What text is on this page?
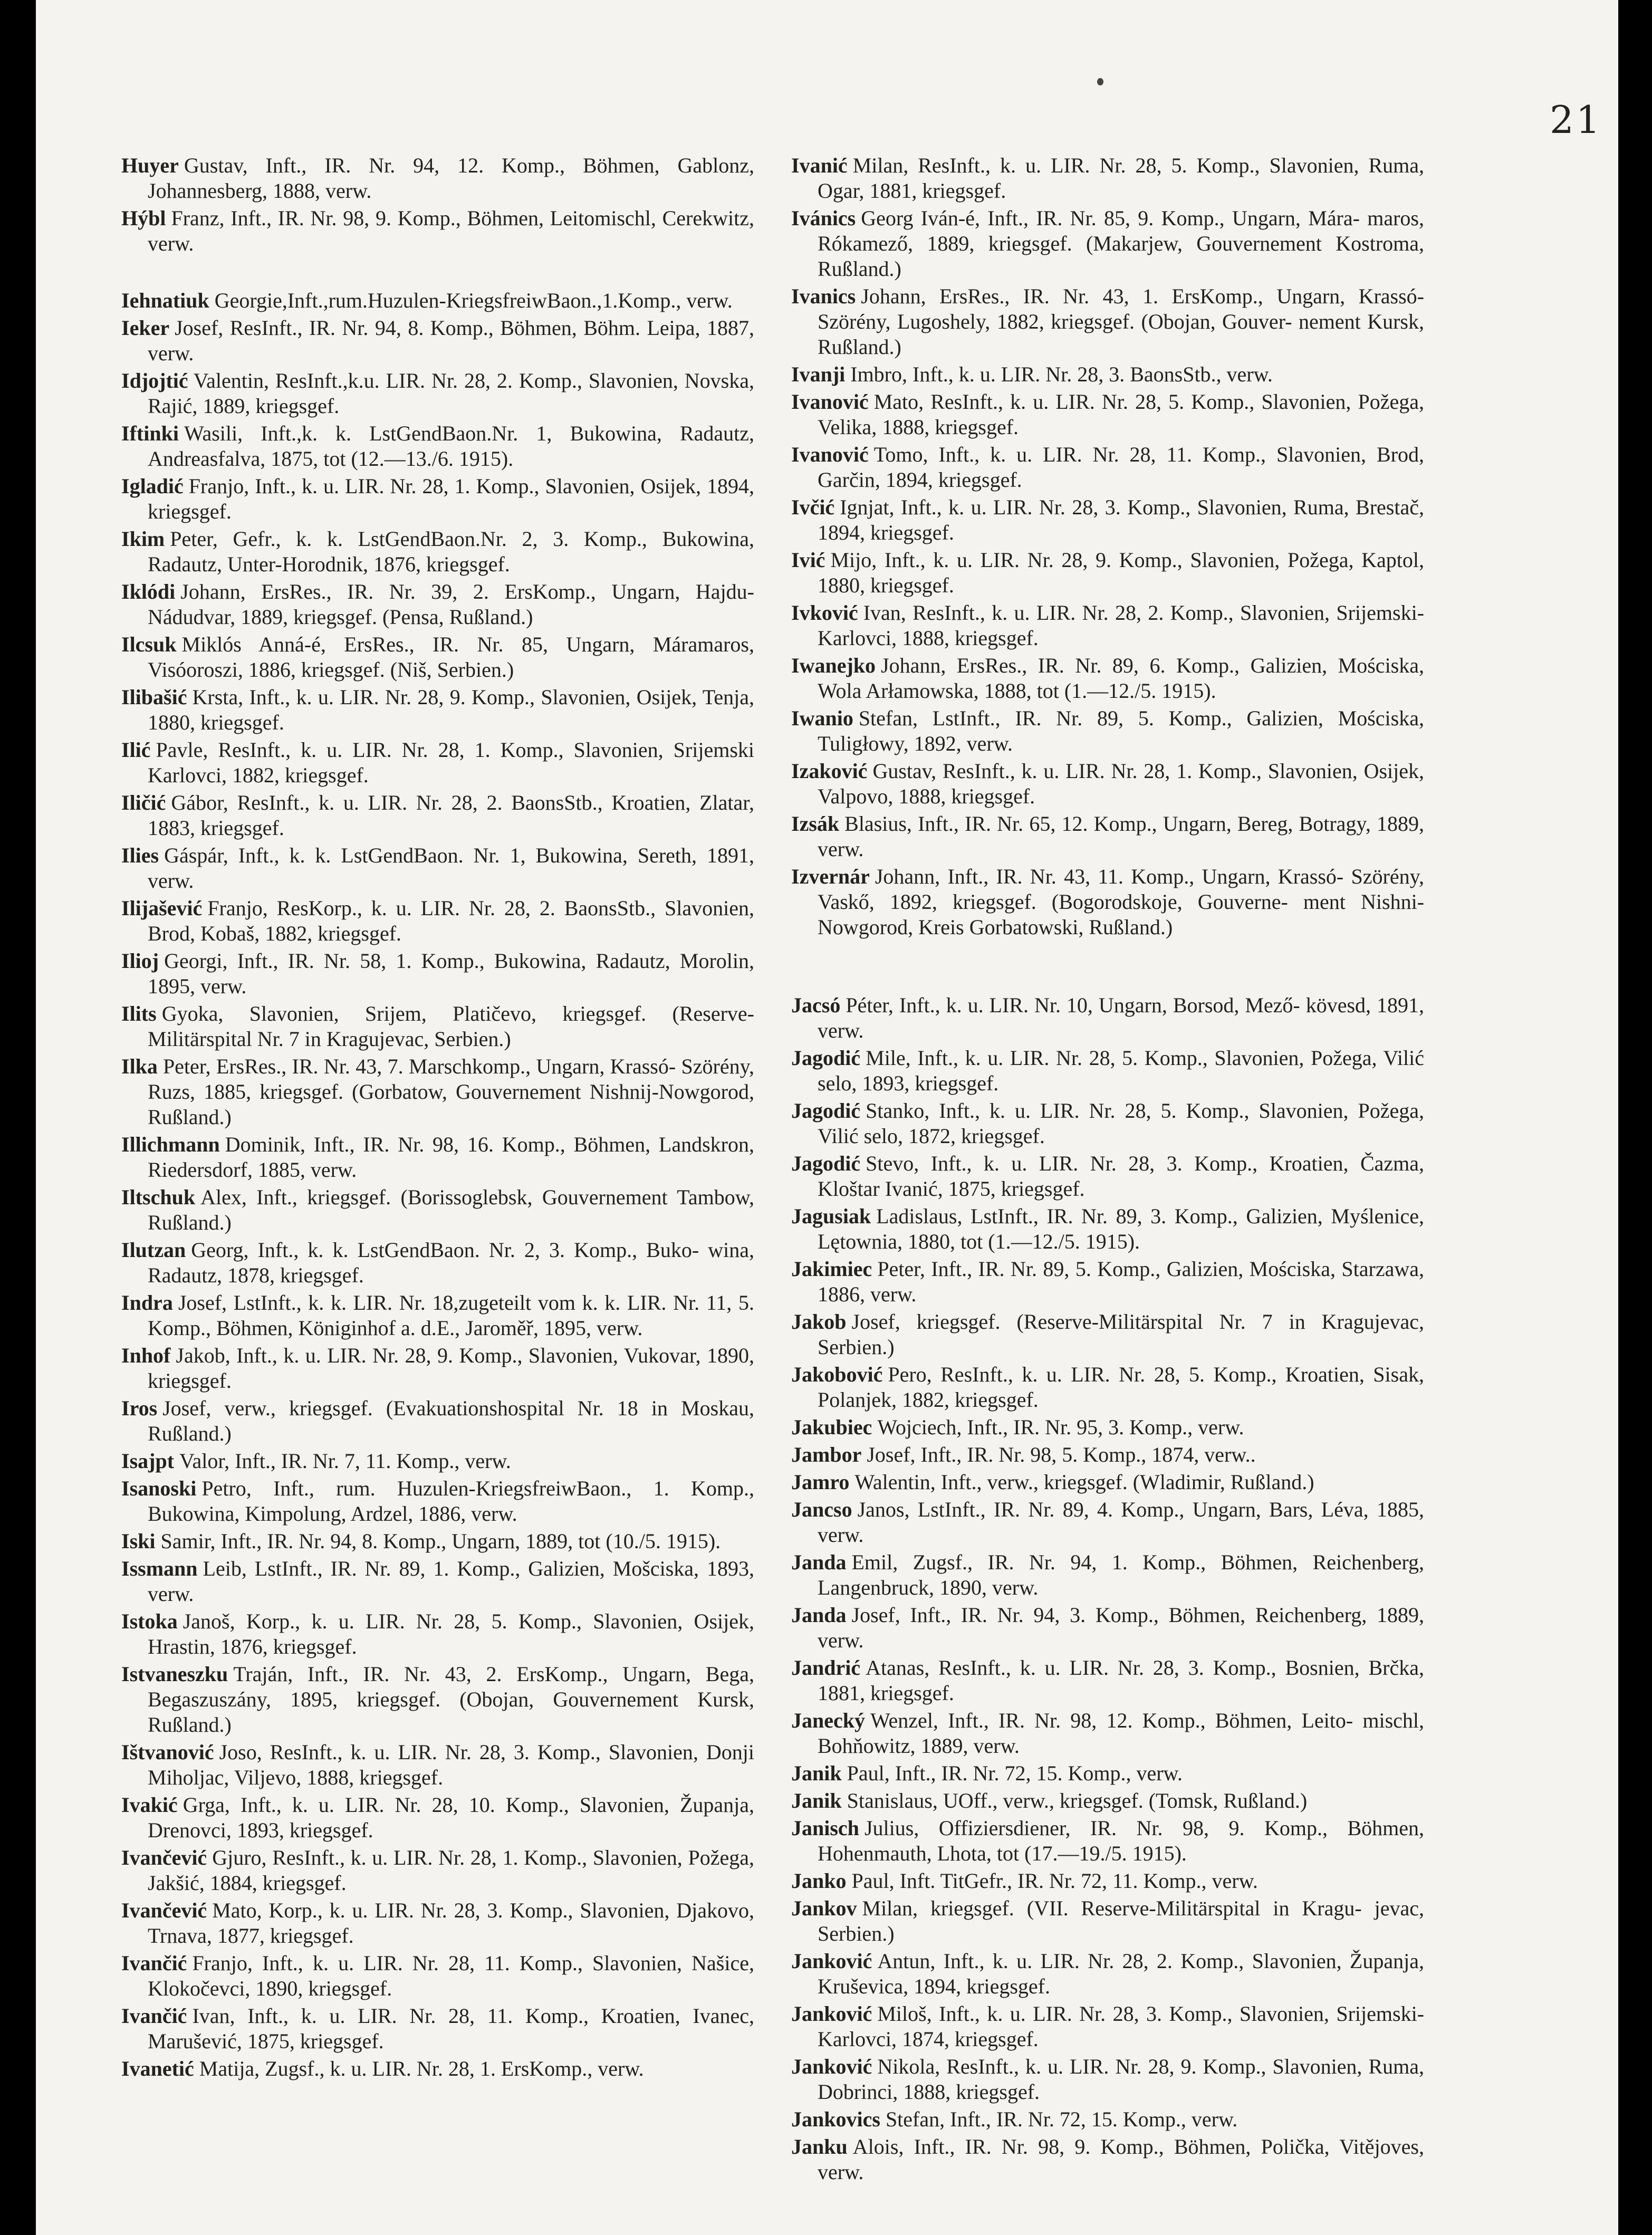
21

Huyer Gustav, Inft., IR. Nr. 94, 12. Komp., Böhmen, Gablonz, Johannesberg, 1888, verw.

Hýbl Franz, Inft., IR. Nr. 98, 9. Komp., Böhmen, Leitomischl, Cerekwitz, verw.

Iehnatiuk Georgie,Inft.,rum.Huzulen-KriegsfreiwBaon.,1.Komp., verw.

Ieker Josef, ResInft., IR. Nr. 94, 8. Komp., Böhmen, Böhm. Leipa, 1887, verw.

Idjojtić Valentin, ResInft.,k.u. LIR. Nr. 28, 2. Komp., Slavonien, Novska, Rajić, 1889, kriegsgef.

Iftinki Wasili, Inft.,k. k. LstGendBaon.Nr. 1, Bukowina, Radautz, Andreasfalva, 1875, tot (12.—13./6. 1915).

Igladić Franjo, Inft., k. u. LIR. Nr. 28, 1. Komp., Slavonien, Osijek, 1894, kriegsgef.

Ikim Peter, Gefr., k. k. LstGendBaon.Nr. 2, 3. Komp., Bukowina, Radautz, Unter-Horodnik, 1876, kriegsgef.

Iklódi Johann, ErsRes., IR. Nr. 39, 2. ErsKomp., Ungarn, Hajdu- Nádudvar, 1889, kriegsgef. (Pensa, Rußland.)

Ilcsuk Miklós Anná-é, ErsRes., IR. Nr. 85, Ungarn, Máramaros, Visóoroszi, 1886, kriegsgef. (Niš, Serbien.)

Ilibašić Krsta, Inft., k. u. LIR. Nr. 28, 9. Komp., Slavonien, Osijek, Tenja, 1880, kriegsgef.

Ilić Pavle, ResInft., k. u. LIR. Nr. 28, 1. Komp., Slavonien, Srijemski Karlovci, 1882, kriegsgef.

Iličić Gábor, ResInft., k. u. LIR. Nr. 28, 2. BaonsStb., Kroatien, Zlatar, 1883, kriegsgef.

Ilies Gáspár, Inft., k. k. LstGendBaon. Nr. 1, Bukowina, Sereth, 1891, verw.

Ilijašević Franjo, ResKorp., k. u. LIR. Nr. 28, 2. BaonsStb., Slavonien, Brod, Kobaš, 1882, kriegsgef.

Iliој Georgi, Inft., IR. Nr. 58, 1. Komp., Bukowina, Radautz, Morolin, 1895, verw.

Ilits Gyoka, Slavonien, Srijem, Platičevo, kriegsgef. (Reserve- Militärspital Nr. 7 in Kragujevac, Serbien.)

Ilka Peter, ErsRes., IR. Nr. 43, 7. Marschkomp., Ungarn, Krassó- Szörény, Ruzs, 1885, kriegsgef. (Gorbatow, Gouvernement Nishnij-Nowgorod, Rußland.)

Illichmann Dominik, Inft., IR. Nr. 98, 16. Komp., Böhmen, Landskron, Riedersdorf, 1885, verw.

Iltschuk Alex, Inft., kriegsgef. (Borissoglebsk, Gouvernement Tambow, Rußland.)

Ilutzan Georg, Inft., k. k. LstGendBaon. Nr. 2, 3. Komp., Buko- wina, Radautz, 1878, kriegsgef.

Indra Josef, LstInft., k. k. LIR. Nr. 18,zugeteilt vom k. k. LIR. Nr. 11, 5. Komp., Böhmen, Königinhof a. d.E., Jaroměř, 1895, verw.

Inhof Jakob, Inft., k. u. LIR. Nr. 28, 9. Komp., Slavonien, Vukovar, 1890, kriegsgef.

Iros Josef, verw., kriegsgef. (Evakuationshospital Nr. 18 in Moskau, Rußland.)

Isajpt Valor, Inft., IR. Nr. 7, 11. Komp., verw.

Isanoski Petro, Inft., rum. Huzulen-KriegsfreiwBaon., 1. Komp., Bukowina, Kimpolung, Ardzel, 1886, verw.

Iski Samir, Inft., IR. Nr. 94, 8. Komp., Ungarn, 1889, tot (10./5. 1915).

Issmann Leib, LstInft., IR. Nr. 89, 1. Komp., Galizien, Mošciska, 1893, verw.

Istoka Janoš, Korp., k. u. LIR. Nr. 28, 5. Komp., Slavonien, Osijek, Hrastin, 1876, kriegsgef.

Istvaneszku Traján, Inft., IR. Nr. 43, 2. ErsKomp., Ungarn, Bega, Begaszuszány, 1895, kriegsgef. (Obojan, Gouvernement Kursk, Rußland.)

Ištvanović Joso, ResInft., k. u. LIR. Nr. 28, 3. Komp., Slavonien, Donji Miholjac, Viljevo, 1888, kriegsgef.

Ivakić Grga, Inft., k. u. LIR. Nr. 28, 10. Komp., Slavonien, Županja, Drenovci, 1893, kriegsgef.

Ivančević Gjuro, ResInft., k. u. LIR. Nr. 28, 1. Komp., Slavonien, Požega, Jakšić, 1884, kriegsgef.

Ivančević Mato, Korp., k. u. LIR. Nr. 28, 3. Komp., Slavonien, Djakovo, Trnava, 1877, kriegsgef.

Ivančić Franjo, Inft., k. u. LIR. Nr. 28, 11. Komp., Slavonien, Našice, Klokočevci, 1890, kriegsgef.

Ivančić Ivan, Inft., k. u. LIR. Nr. 28, 11. Komp., Kroatien, Ivanec, Marušević, 1875, kriegsgef.

Ivanetić Matija, Zugsf., k. u. LIR. Nr. 28, 1. ErsKomp., verw.

Ivanić Milan, ResInft., k. u. LIR. Nr. 28, 5. Komp., Slavonien, Ruma, Ogar, 1881, kriegsgef.

Ivánics Georg Iván-é, Inft., IR. Nr. 85, 9. Komp., Ungarn, Mára- maros, Rókamező, 1889, kriegsgef. (Makarjew, Gouvernement Kostroma, Rußland.)

Ivanics Johann, ErsRes., IR. Nr. 43, 1. ErsKomp., Ungarn, Krassó-Szörény, Lugoshely, 1882, kriegsgef. (Obojan, Gouver- nement Kursk, Rußland.)

Ivanji Imbro, Inft., k. u. LIR. Nr. 28, 3. BaonsStb., verw.

Ivanović Mato, ResInft., k. u. LIR. Nr. 28, 5. Komp., Slavonien, Požega, Velika, 1888, kriegsgef.

Ivanović Tomo, Inft., k. u. LIR. Nr. 28, 11. Komp., Slavonien, Brod, Garčin, 1894, kriegsgef.

Ivčić Ignjat, Inft., k. u. LIR. Nr. 28, 3. Komp., Slavonien, Ruma, Brestač, 1894, kriegsgef.

Ivić Mijo, Inft., k. u. LIR. Nr. 28, 9. Komp., Slavonien, Požega, Kaptol, 1880, kriegsgef.

Ivković Ivan, ResInft., k. u. LIR. Nr. 28, 2. Komp., Slavonien, Srijemski-Karlovci, 1888, kriegsgef.

Iwanejko Johann, ErsRes., IR. Nr. 89, 6. Komp., Galizien, Mościska, Wola Arłamowska, 1888, tot (1.—12./5. 1915).

Iwanio Stefan, LstInft., IR. Nr. 89, 5. Komp., Galizien, Mościska, Tuligłowy, 1892, verw.

Izaković Gustav, ResInft., k. u. LIR. Nr. 28, 1. Komp., Slavonien, Osijek, Valpovo, 1888, kriegsgef.

Izsák Blasius, Inft., IR. Nr. 65, 12. Komp., Ungarn, Bereg, Botragy, 1889, verw.

Izvernár Johann, Inft., IR. Nr. 43, 11. Komp., Ungarn, Krassó- Szörény, Vaskő, 1892, kriegsgef. (Bogorodskoje, Gouverne- ment Nishni-Nowgorod, Kreis Gorbatowski, Rußland.)

Jacsó Péter, Inft., k. u. LIR. Nr. 10, Ungarn, Borsod, Mező- kövesd, 1891, verw.

Jagodić Mile, Inft., k. u. LIR. Nr. 28, 5. Komp., Slavonien, Požega, Vilić selo, 1893, kriegsgef.

Jagodić Stanko, Inft., k. u. LIR. Nr. 28, 5. Komp., Slavonien, Požega, Vilić selo, 1872, kriegsgef.

Jagodić Stevo, Inft., k. u. LIR. Nr. 28, 3. Komp., Kroatien, Čazma, Kloštar Ivanić, 1875, kriegsgef.

Jagusiak Ladislaus, LstInft., IR. Nr. 89, 3. Komp., Galizien, Myślenice, Lętownia, 1880, tot (1.—12./5. 1915).

Jakimiec Peter, Inft., IR. Nr. 89, 5. Komp., Galizien, Mościska, Starzawa, 1886, verw.

Jakob Josef, kriegsgef. (Reserve-Militärspital Nr. 7 in Kragujevac, Serbien.)

Jakobović Pero, ResInft., k. u. LIR. Nr. 28, 5. Komp., Kroatien, Sisak, Polanjek, 1882, kriegsgef.

Jakubiec Wojciech, Inft., IR. Nr. 95, 3. Komp., verw.

Jambor Josef, Inft., IR. Nr. 98, 5. Komp., 1874, verw..

Jamro Walentin, Inft., verw., kriegsgef. (Wladimir, Rußland.)

Jancso Janos, LstInft., IR. Nr. 89, 4. Komp., Ungarn, Bars, Léva, 1885, verw.

Janda Emil, Zugsf., IR. Nr. 94, 1. Komp., Böhmen, Reichenberg, Langenbruck, 1890, verw.

Janda Josef, Inft., IR. Nr. 94, 3. Komp., Böhmen, Reichenberg, 1889, verw.

Jandrić Atanas, ResInft., k. u. LIR. Nr. 28, 3. Komp., Bosnien, Brčka, 1881, kriegsgef.

Janecký Wenzel, Inft., IR. Nr. 98, 12. Komp., Böhmen, Leito- mischl, Bohňowitz, 1889, verw.

Janik Paul, Inft., IR. Nr. 72, 15. Komp., verw.

Janik Stanislaus, UOff., verw., kriegsgef. (Tomsk, Rußland.)

Janisch Julius, Offiziersdiener, IR. Nr. 98, 9. Komp., Böhmen, Hohenmauth, Lhota, tot (17.—19./5. 1915).

Janko Paul, Inft. TitGefr., IR. Nr. 72, 11. Komp., verw.

Jankov Milan, kriegsgef. (VII. Reserve-Militärspital in Kragu- jevac, Serbien.)

Janković Antun, Inft., k. u. LIR. Nr. 28, 2. Komp., Slavonien, Županja, Kruševica, 1894, kriegsgef.

Janković Miloš, Inft., k. u. LIR. Nr. 28, 3. Komp., Slavonien, Srijemski-Karlovci, 1874, kriegsgef.

Janković Nikola, ResInft., k. u. LIR. Nr. 28, 9. Komp., Slavonien, Ruma, Dobrinci, 1888, kriegsgef.

Jankovics Stefan, Inft., IR. Nr. 72, 15. Komp., verw.

Janku Alois, Inft., IR. Nr. 98, 9. Komp., Böhmen, Polička, Vitějoves, verw.
